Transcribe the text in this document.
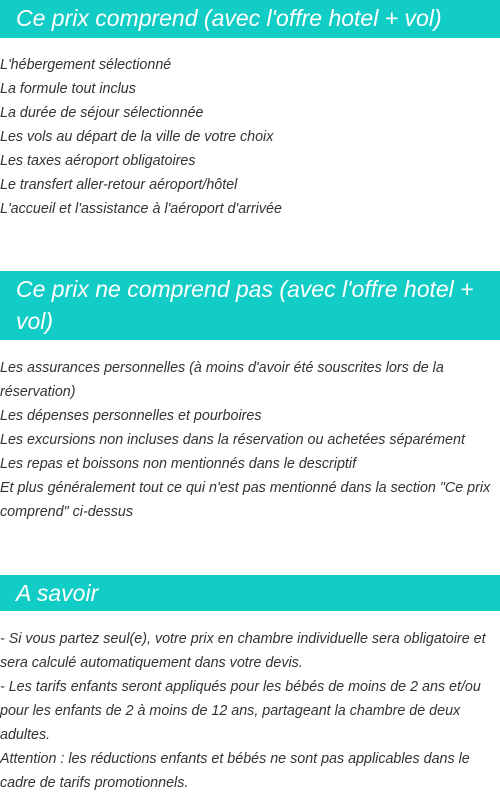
Ce prix comprend (avec l'offre hotel + vol)
L'hébergement sélectionné
La formule tout inclus
La durée de séjour sélectionnée
Les vols au départ de la ville de votre choix
Les taxes aéroport obligatoires
Le transfert aller-retour aéroport/hôtel
L'accueil et l'assistance à l'aéroport d'arrivée
Ce prix ne comprend pas (avec l'offre hotel + vol)
Les assurances personnelles (à moins d'avoir été souscrites lors de la réservation)
Les dépenses personnelles et pourboires
Les excursions non incluses dans la réservation ou achetées séparément
Les repas et boissons non mentionnés dans le descriptif
Et plus généralement tout ce qui n'est pas mentionné dans la section "Ce prix comprend" ci-dessus
A savoir
- Si vous partez seul(e), votre prix en chambre individuelle sera obligatoire et sera calculé automatiquement dans votre devis.
- Les tarifs enfants seront appliqués pour les bébés de moins de 2 ans et/ou pour les enfants de 2 à moins de 12 ans, partageant la chambre de deux adultes.
Attention : les réductions enfants et bébés ne sont pas applicables dans le cadre de tarifs promotionnels.
